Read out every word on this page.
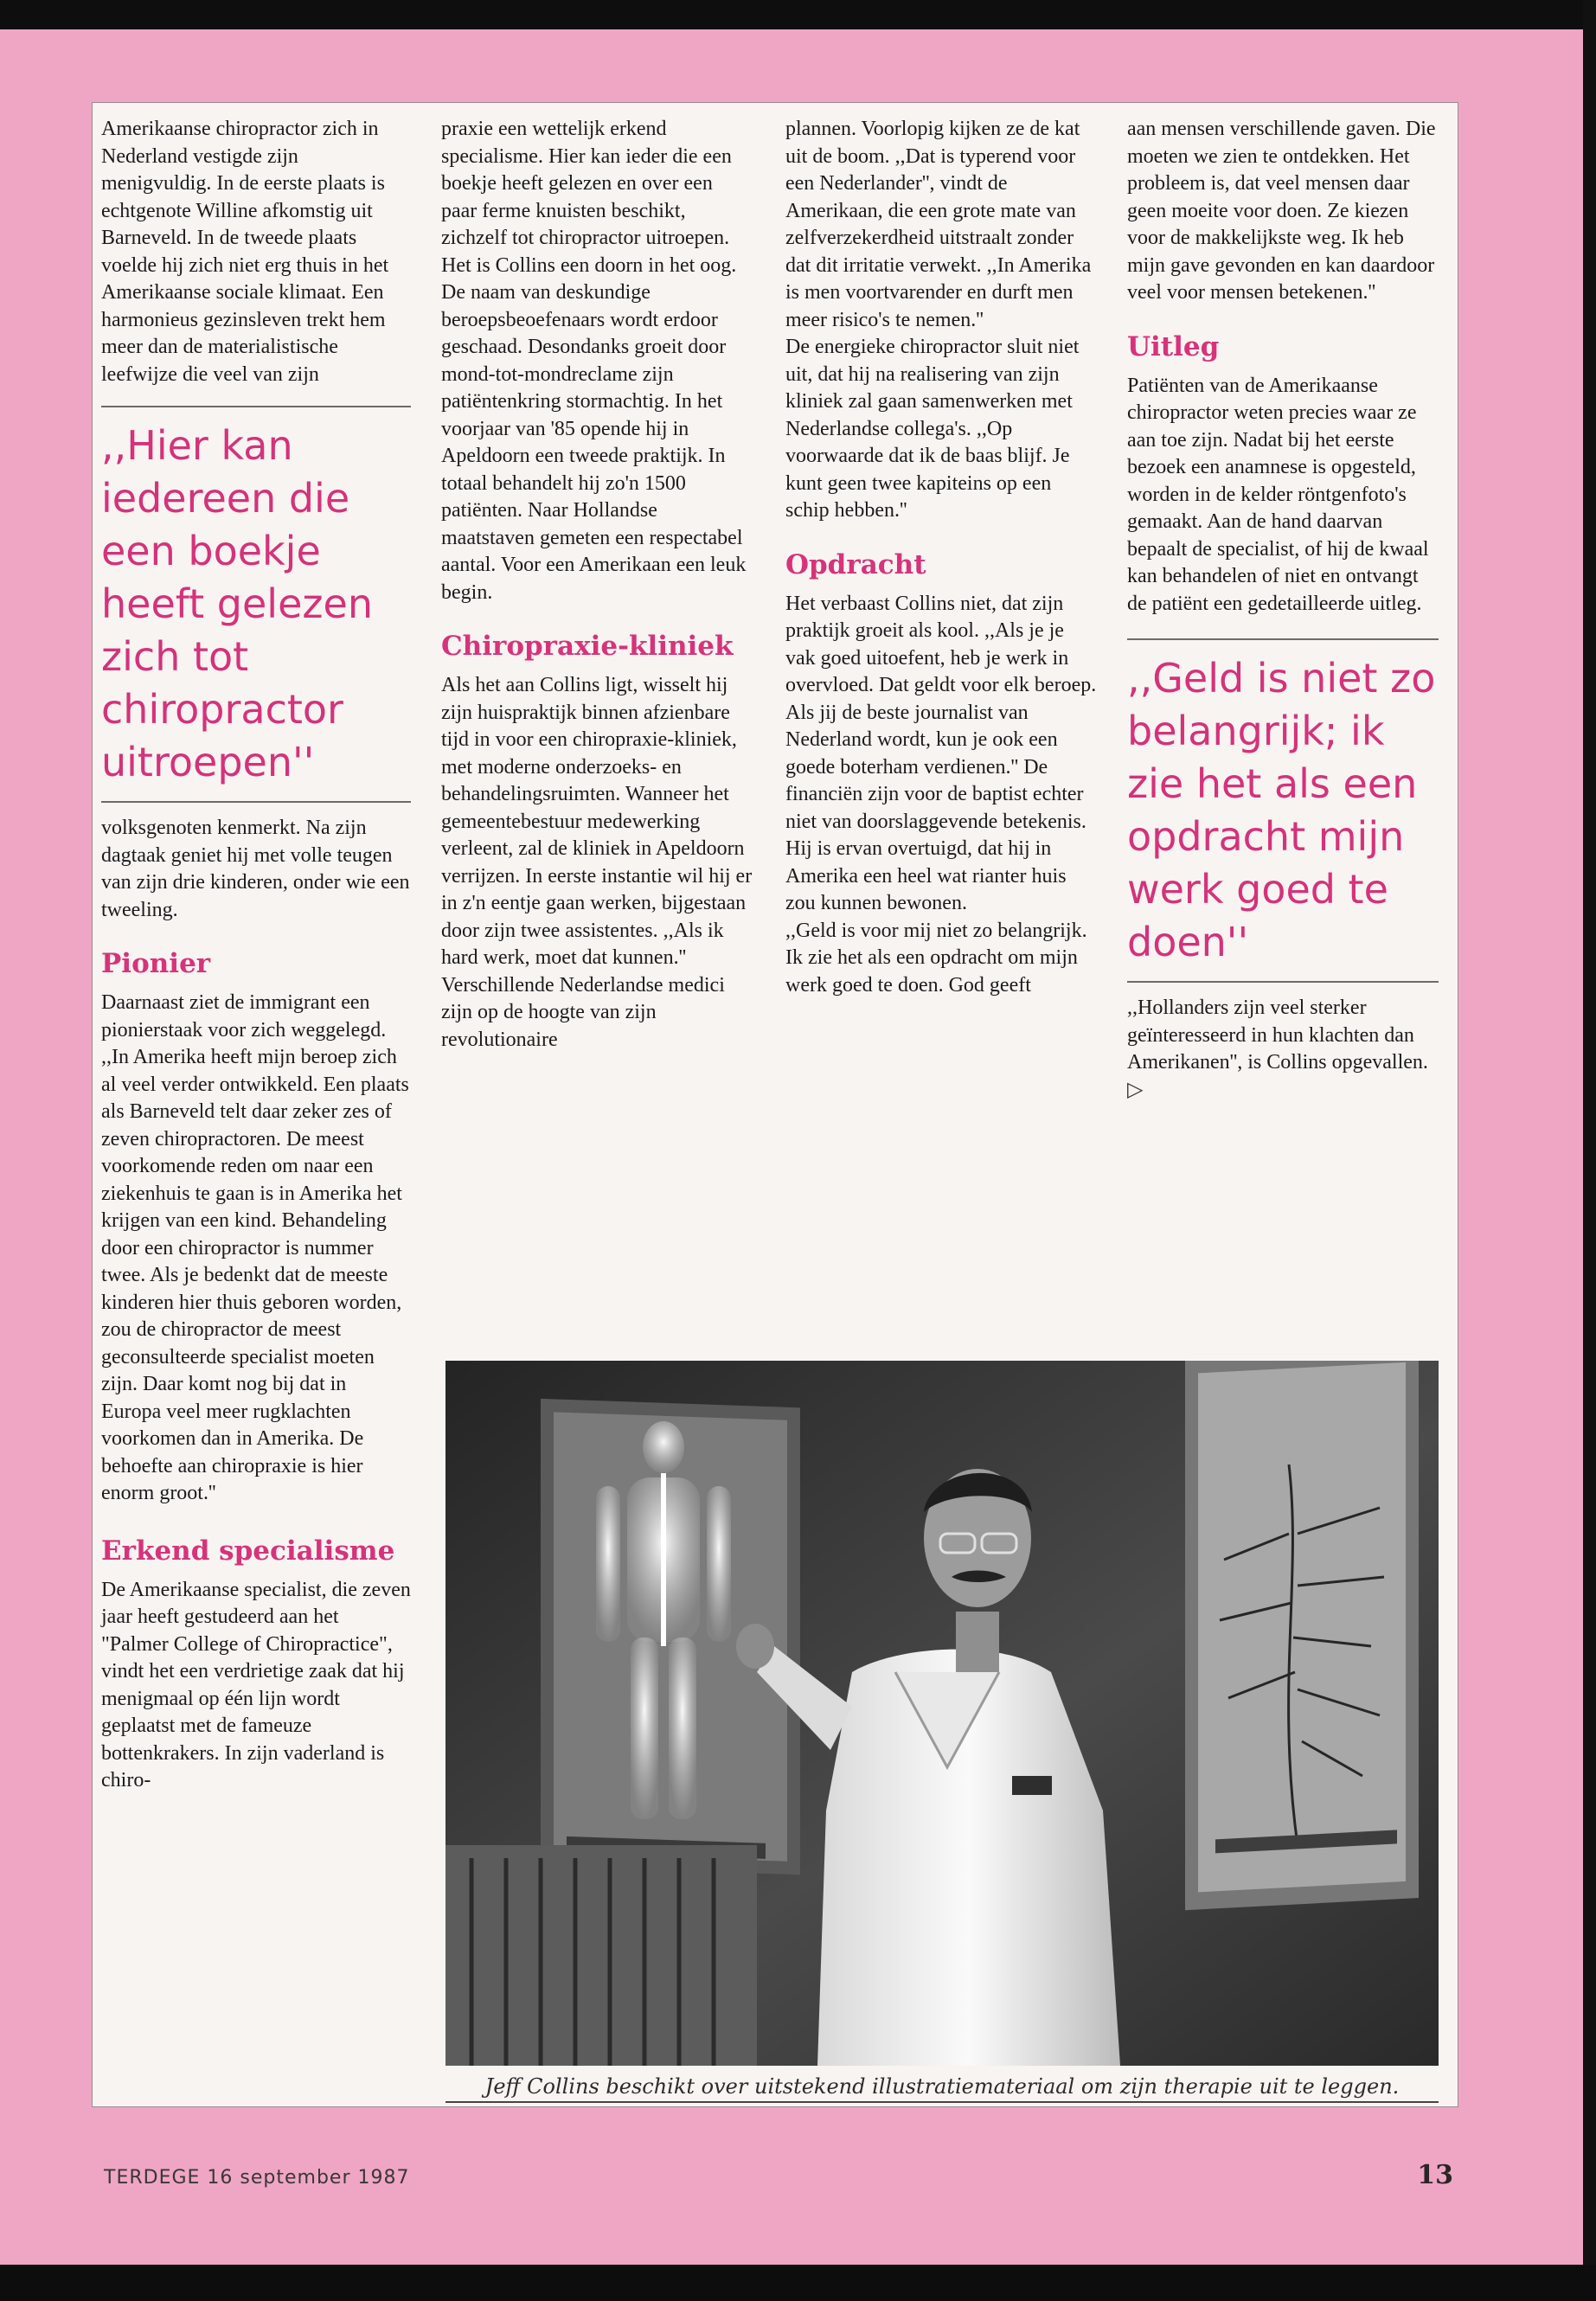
Amerikaanse chiropractor zich in Nederland vestigde zijn menigvuldig. In de eerste plaats is echtgenote Willine afkomstig uit Barneveld. In de tweede plaats voelde hij zich niet erg thuis in het Amerikaanse sociale klimaat. Een harmonieus gezinsleven trekt hem meer dan de materialistische leefwijze die veel van zijn

,,Hier kan iedereen die een boekje heeft gelezen zich tot chiropractor uitroepen''

volksgenoten kenmerkt. Na zijn dagtaak geniet hij met volle teugen van zijn drie kinderen, onder wie een tweeling.

Pionier

Daarnaast ziet de immigrant een pionierstaak voor zich weggelegd. ,,In Amerika heeft mijn beroep zich al veel verder ontwikkeld. Een plaats als Barneveld telt daar zeker zes of zeven chiropractoren. De meest voorkomende reden om naar een ziekenhuis te gaan is in Amerika het krijgen van een kind. Behandeling door een chiropractor is nummer twee. Als je bedenkt dat de meeste kinderen hier thuis geboren worden, zou de chiropractor de meest geconsulteerde specialist moeten zijn. Daar komt nog bij dat in Europa veel meer rugklachten voorkomen dan in Amerika. De behoefte aan chiropraxie is hier enorm groot.''

Erkend specialisme

De Amerikaanse specialist, die zeven jaar heeft gestudeerd aan het "Palmer College of Chiropractice", vindt het een verdrietige zaak dat hij menigmaal op één lijn wordt geplaatst met de fameuze bottenkrakers. In zijn vaderland is chiro-

praxie een wettelijk erkend specialisme. Hier kan ieder die een boekje heeft gelezen en over een paar ferme knuisten beschikt, zichzelf tot chiropractor uitroepen. Het is Collins een doorn in het oog. De naam van deskundige beroepsbeoefenaars wordt erdoor geschaad. Desondanks groeit door mond-tot-mondreclame zijn patiëntenkring stormachtig. In het voorjaar van '85 opende hij in Apeldoorn een tweede praktijk. In totaal behandelt hij zo'n 1500 patiënten. Naar Hollandse maatstaven gemeten een respectabel aantal. Voor een Amerikaan een leuk begin.

Chiropraxie-kliniek

Als het aan Collins ligt, wisselt hij zijn huispraktijk binnen afzienbare tijd in voor een chiropraxie-kliniek, met moderne onderzoeks- en behandelingsruimten. Wanneer het gemeentebestuur medewerking verleent, zal de kliniek in Apeldoorn verrijzen. In eerste instantie wil hij er in z'n eentje gaan werken, bijgestaan door zijn twee assistentes. ,,Als ik hard werk, moet dat kunnen.'' Verschillende Nederlandse medici zijn op de hoogte van zijn revolutionaire

plannen. Voorlopig kijken ze de kat uit de boom. ,,Dat is typerend voor een Nederlander'', vindt de Amerikaan, die een grote mate van zelfverzekerdheid uitstraalt zonder dat dit irritatie verwekt. ,,In Amerika is men voortvarender en durft men meer risico's te nemen.''

De energieke chiropractor sluit niet uit, dat hij na realisering van zijn kliniek zal gaan samenwerken met Nederlandse collega's. ,,Op voorwaarde dat ik de baas blijf. Je kunt geen twee kapiteins op een schip hebben.''

Opdracht

Het verbaast Collins niet, dat zijn praktijk groeit als kool. ,,Als je je vak goed uitoefent, heb je werk in overvloed. Dat geldt voor elk beroep. Als jij de beste journalist van Nederland wordt, kun je ook een goede boterham verdienen.'' De financiën zijn voor de baptist echter niet van doorslaggevende betekenis. Hij is ervan overtuigd, dat hij in Amerika een heel wat rianter huis zou kunnen bewonen.

,,Geld is voor mij niet zo belangrijk. Ik zie het als een opdracht om mijn werk goed te doen. God geeft

aan mensen verschillende gaven. Die moeten we zien te ontdekken. Het probleem is, dat veel mensen daar geen moeite voor doen. Ze kiezen voor de makkelijkste weg. Ik heb mijn gave gevonden en kan daardoor veel voor mensen betekenen.''

Uitleg

Patiënten van de Amerikaanse chiropractor weten precies waar ze aan toe zijn. Nadat bij het eerste bezoek een anamnese is opgesteld, worden in de kelder röntgenfoto's gemaakt. Aan de hand daarvan bepaalt de specialist, of hij de kwaal kan behandelen of niet en ontvangt de patiënt een gedetailleerde uitleg.

,,Geld is niet zo belangrijk; ik zie het als een opdracht mijn werk goed te doen''

,,Hollanders zijn veel sterker geïnteresseerd in hun klachten dan Amerikanen'', is Collins opgevallen. ▷

Jeff Collins beschikt over uitstekend illustratiemateriaal om zijn therapie uit te leggen.
TERDEGE 16 september 1987	13
